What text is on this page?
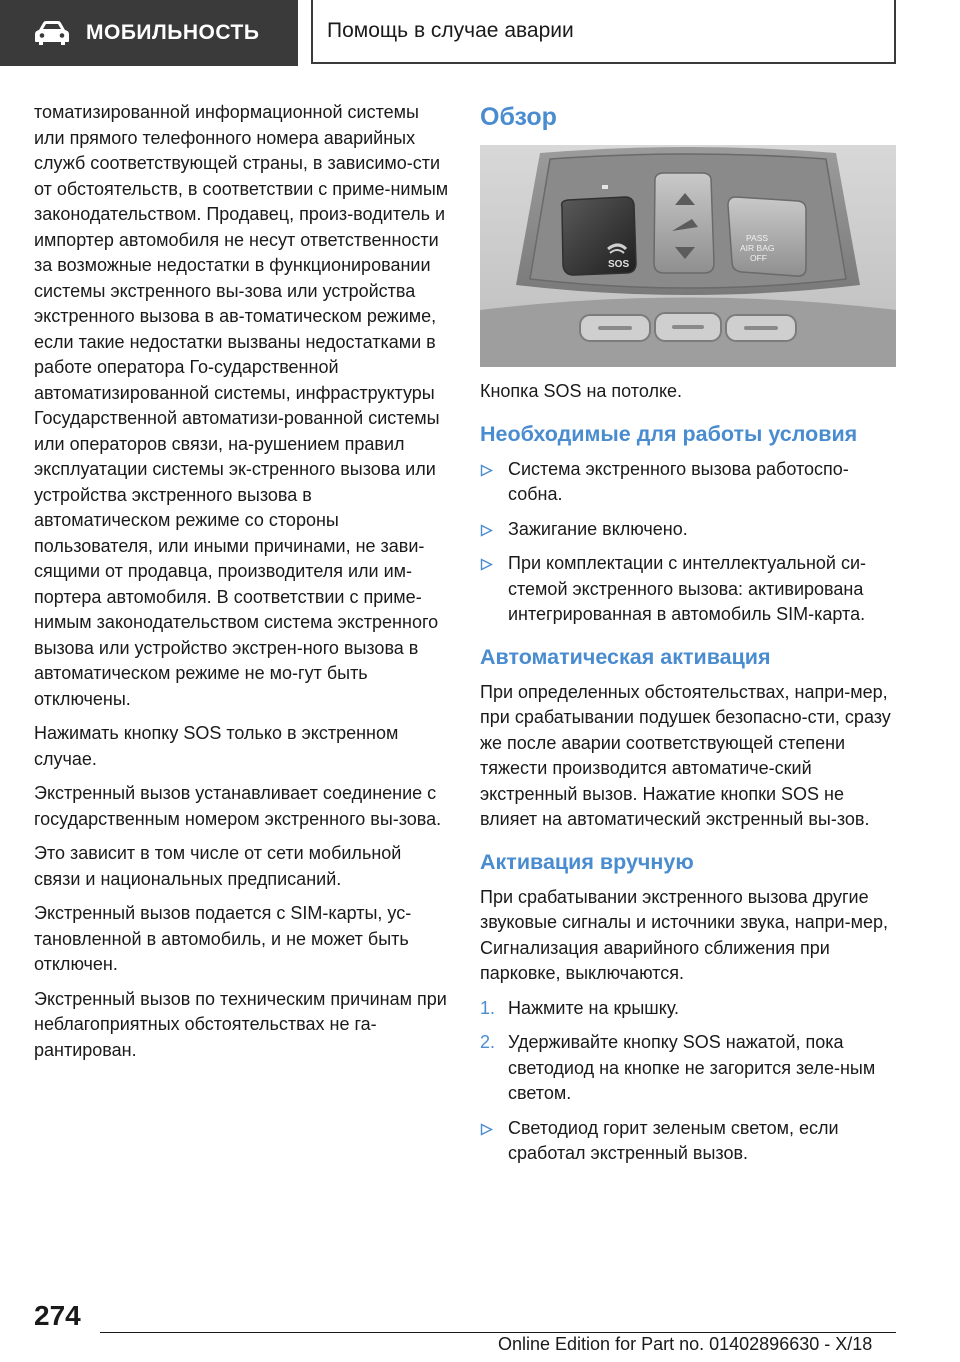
МОБИЛЬНОСТЬ	Помощь в случае аварии

томатизированной информационной системы или прямого телефонного номера аварийных служб соответствующей страны, в зависимо-сти от обстоятельств, в соответствии с приме-нимым законодательством. Продавец, произ-водитель и импортер автомобиля не несут ответственности за возможные недостатки в функционировании системы экстренного вы-зова или устройства экстренного вызова в ав-томатическом режиме, если такие недостатки вызваны недостатками в работе оператора Го-сударственной автоматизированной системы, инфраструктуры Государственной автоматизи-рованной системы или операторов связи, на-рушением правил эксплуатации системы эк-стренного вызова или устройства экстренного вызова в автоматическом режиме со стороны пользователя, или иными причинами, не зави-сящими от продавца, производителя или им-портера автомобиля. В соответствии с приме-нимым законодательством система экстренного вызова или устройство экстрен-ного вызова в автоматическом режиме не мо-гут быть отключены.

Нажимать кнопку SOS только в экстренном случае.

Экстренный вызов устанавливает соединение с государственным номером экстренного вы-зова.

Это зависит в том числе от сети мобильной связи и национальных предписаний.

Экстренный вызов подается с SIM-карты, ус-тановленной в автомобиль, и не может быть отключен.

Экстренный вызов по техническим причинам при неблагоприятных обстоятельствах не га-рантирован.

Обзор
SOS
PASS
AIR BAG
OFF

Кнопка SOS на потолке.

Необходимые для работы условия
Система экстренного вызова работоспо-собна.
Зажигание включено.
При комплектации с интеллектуальной си-стемой экстренного вызова: активирована интегрированная в автомобиль SIM-карта.
Автоматическая активация

При определенных обстоятельствах, напри-мер, при срабатывании подушек безопасно-сти, сразу же после аварии соответствующей степени тяжести производится автоматиче-ский экстренный вызов. Нажатие кнопки SOS не влияет на автоматический экстренный вы-зов.

Активация вручную

При срабатывании экстренного вызова другие звуковые сигналы и источники звука, напри-мер, Сигнализация аварийного сближения при парковке, выключаются.

1. Нажмите на крышку.
2. Удерживайте кнопку SOS нажатой, пока светодиод на кнопке не загорится зеле-ным светом.
Светодиод горит зеленым светом, если сработал экстренный вызов.
274
Online Edition for Part no. 01402896630 - X/18
